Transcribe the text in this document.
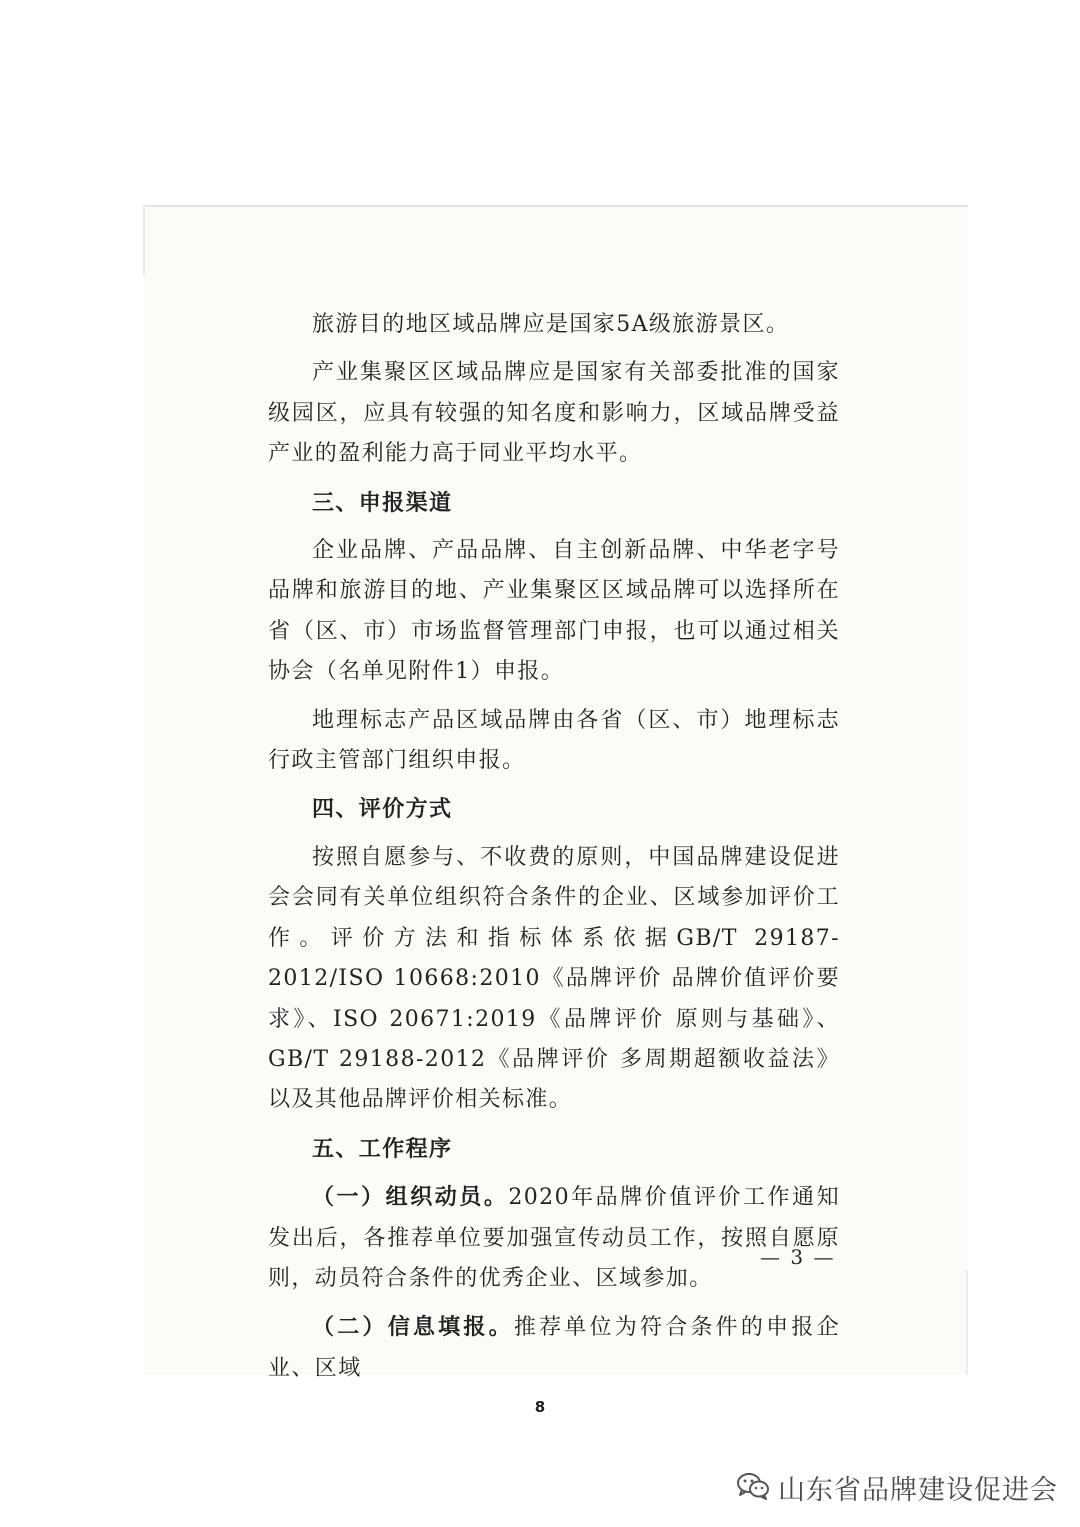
旅游目的地区域品牌应是国家5A级旅游景区。

产业集聚区区域品牌应是国家有关部委批准的国家级园区，应具有较强的知名度和影响力，区域品牌受益产业的盈利能力高于同业平均水平。

三、申报渠道

企业品牌、产品品牌、自主创新品牌、中华老字号品牌和旅游目的地、产业集聚区区域品牌可以选择所在省（区、市）市场监督管理部门申报，也可以通过相关协会（名单见附件1）申报。

地理标志产品区域品牌由各省（区、市）地理标志行政主管部门组织申报。

四、评价方式

按照自愿参与、不收费的原则，中国品牌建设促进会会同有关单位组织符合条件的企业、区域参加评价工作。评价方法和指标体系依据GB/T 29187-2012/ISO 10668:2010《品牌评价 品牌价值评价要求》、ISO 20671:2019《品牌评价 原则与基础》、GB/T 29188-2012《品牌评价 多周期超额收益法》以及其他品牌评价相关标准。

五、工作程序

（一）组织动员。2020年品牌价值评价工作通知发出后，各推荐单位要加强宣传动员工作，按照自愿原则，动员符合条件的优秀企业、区域参加。

（二）信息填报。推荐单位为符合条件的申报企业、区域

— 3 —
8
山东省品牌建设促进会
